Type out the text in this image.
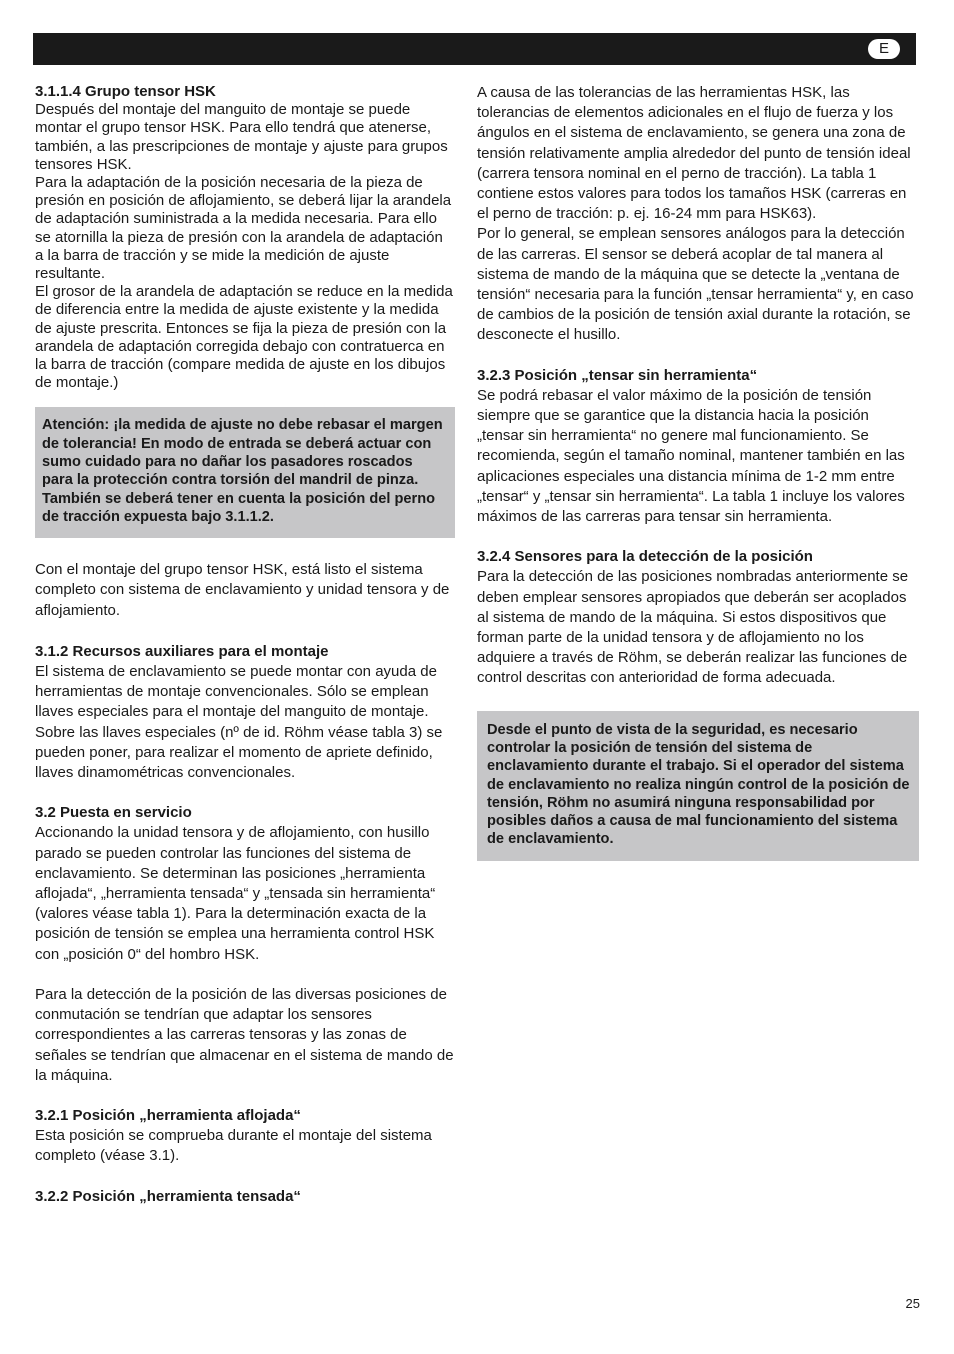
E

3.1.1.4 Grupo tensor HSK
Después del montaje del manguito de montaje se puede montar el grupo tensor HSK. Para ello tendrá que atenerse, también, a las prescripciones de montaje y ajuste para grupos tensores HSK.

Para la adaptación de la posición necesaria de la pieza de presión en posición de aflojamiento, se deberá lijar la arandela de adaptación suministrada a la medida necesaria. Para ello se atornilla la pieza de presión con la arandela de adaptación a la barra de tracción y se mide la medición de ajuste resultante.

El grosor de la arandela de adaptación se reduce en la medida de diferencia entre la medida de ajuste existente y la medida de ajuste prescrita. Entonces se fija la pieza de presión con la arandela de adaptación corregida debajo con contratuerca en la barra de tracción (compare medida de ajuste en los dibujos de montaje.)

Atención: ¡la medida de ajuste no debe rebasar el margen de tolerancia! En modo de entrada se deberá actuar con sumo cuidado para no dañar los pasadores roscados para la protección contra torsión del mandril de pinza. También se deberá tener en cuenta la posición del perno de tracción expuesta bajo 3.1.1.2.

Con el montaje del grupo tensor HSK, está listo el sistema completo con sistema de enclavamiento y unidad tensora y de aflojamiento.

3.1.2 Recursos auxiliares para el montaje
El sistema de enclavamiento se puede montar con ayuda de herramientas de montaje convencionales. Sólo se emplean llaves especiales para el montaje del manguito de montaje. Sobre las llaves especiales (nº de id. Röhm véase tabla 3) se pueden poner, para realizar el momento de apriete definido, llaves dinamométricas convencionales.

3.2 Puesta en servicio
Accionando la unidad tensora y de aflojamiento, con husillo parado se pueden controlar las funciones del sistema de enclavamiento. Se determinan las posiciones „herramienta aflojada“, „herramienta tensada“ y „tensada sin herramienta“ (valores véase tabla 1). Para la determinación exacta de la posición de tensión se emplea una herramienta control HSK con „posición 0“ del hombro HSK.

Para la detección de la posición de las diversas posiciones de conmutación se tendrían que adaptar los sensores correspondientes a las carreras tensoras y las zonas de señales se tendrían que almacenar en el sistema de mando de la máquina.

3.2.1 Posición „herramienta aflojada“
Esta posición se comprueba durante el montaje del sistema completo (véase 3.1).

3.2.2 Posición „herramienta tensada“

A causa de las tolerancias de las herramientas HSK, las tolerancias de elementos adicionales en el flujo de fuerza y los ángulos en el sistema de enclavamiento, se genera una zona de tensión relativamente amplia alrededor del punto de tensión ideal (carrera tensora nominal en el perno de tracción). La tabla 1 contiene estos valores para todos los tamaños HSK (carreras en el perno de tracción: p. ej. 16-24 mm para HSK63).

Por lo general, se emplean sensores análogos para la detección de las carreras. El sensor se deberá acoplar de tal manera al sistema de mando de la máquina que se detecte la „ventana de tensión“ necesaria para la función „tensar herramienta“ y, en caso de cambios de la posición de tensión axial durante la rotación, se desconecte el husillo.

3.2.3 Posición „tensar sin herramienta“
Se podrá rebasar el valor máximo de la posición de tensión siempre que se garantice que la distancia hacia la posición „tensar sin herramienta“ no genere mal funcionamiento. Se recomienda, según el tamaño nominal, mantener también en las aplicaciones especiales una distancia mínima de 1-2 mm entre „tensar“ y „tensar sin herramienta“. La tabla 1 incluye los valores máximos de las carreras para tensar sin herramienta.

3.2.4 Sensores para la detección de la posición
Para la detección de las posiciones nombradas anteriormente se deben emplear sensores apropiados que deberán ser acoplados al sistema de mando de la máquina. Si estos dispositivos que forman parte de la unidad tensora y de aflojamiento no los adquiere a través de Röhm, se deberán realizar las funciones de control descritas con anterioridad de forma adecuada.

Desde el punto de vista de la seguridad, es necesario controlar la posición de tensión del sistema de enclavamiento durante el trabajo. Si el operador del sistema de enclavamiento no realiza ningún control de la posición de tensión, Röhm no asumirá ninguna responsabilidad por posibles daños a causa de mal funcionamiento del sistema de enclavamiento.
25
